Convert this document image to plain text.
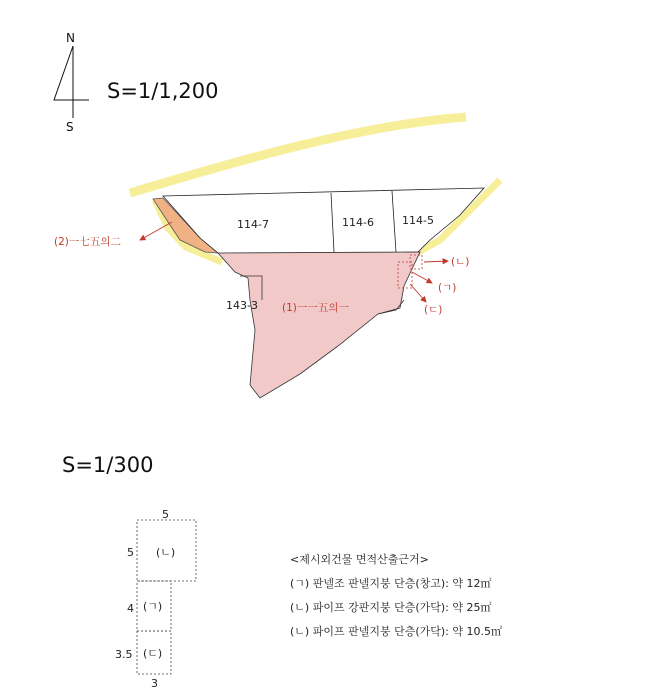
N
S
S=1/1,200
114-7	114-6	114-5
143-3
(2)一七五의二
(1)一一五의一
(ㄴ)
(ㄱ)
(ㄷ)
S=1/300
5
5 (ㄴ)
4 (ㄱ)
3.5 (ㄷ)
3
<제시외건물 면적산출근거>
(ㄱ) 판넬조 판넬지붕 단층(창고): 약 12㎡
(ㄴ) 파이프 강판지붕 단층(가닥): 약 25㎡
(ㄴ) 파이프 판넬지붕 단층(가닥): 약 10.5㎡
